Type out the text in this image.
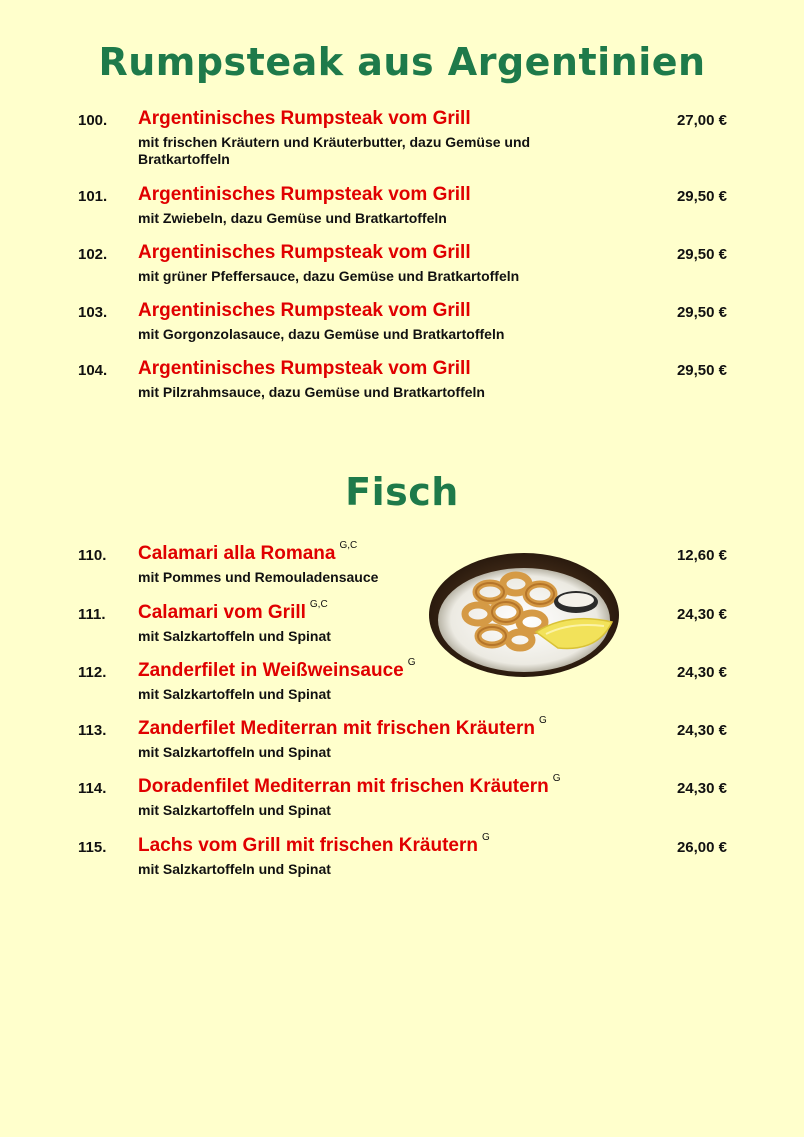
Rumpsteak aus Argentinien
100. Argentinisches Rumpsteak vom Grill
mit frischen Kräutern und Kräuterbutter, dazu Gemüse und Bratkartoffeln
27,00 €
101. Argentinisches Rumpsteak vom Grill
mit Zwiebeln, dazu Gemüse und Bratkartoffeln
29,50 €
102. Argentinisches Rumpsteak vom Grill
mit grüner Pfeffersauce, dazu Gemüse und Bratkartoffeln
29,50 €
103. Argentinisches Rumpsteak vom Grill
mit Gorgonzolasauce, dazu Gemüse und Bratkartoffeln
29,50 €
104. Argentinisches Rumpsteak vom Grill
mit Pilzrahmsauce, dazu Gemüse und Bratkartoffeln
29,50 €
Fisch
110. Calamari alla Romana $^{G,C}$
mit Pommes und Remouladensauce
12,60 €
111. Calamari vom Grill $^{G,C}$
mit Salzkartoffeln und Spinat
24,30 €
112. Zanderfilet in Weißweinsauce $^G$
mit Salzkartoffeln und Spinat
24,30 €
113. Zanderfilet Mediterran mit frischen Kräutern $^G$
mit Salzkartoffeln und Spinat
24,30 €
114. Doradenfilet Mediterran mit frischen Kräutern $^G$
mit Salzkartoffeln und Spinat
24,30 €
115. Lachs vom Grill mit frischen Kräutern $^G$
mit Salzkartoffeln und Spinat
26,00 €
